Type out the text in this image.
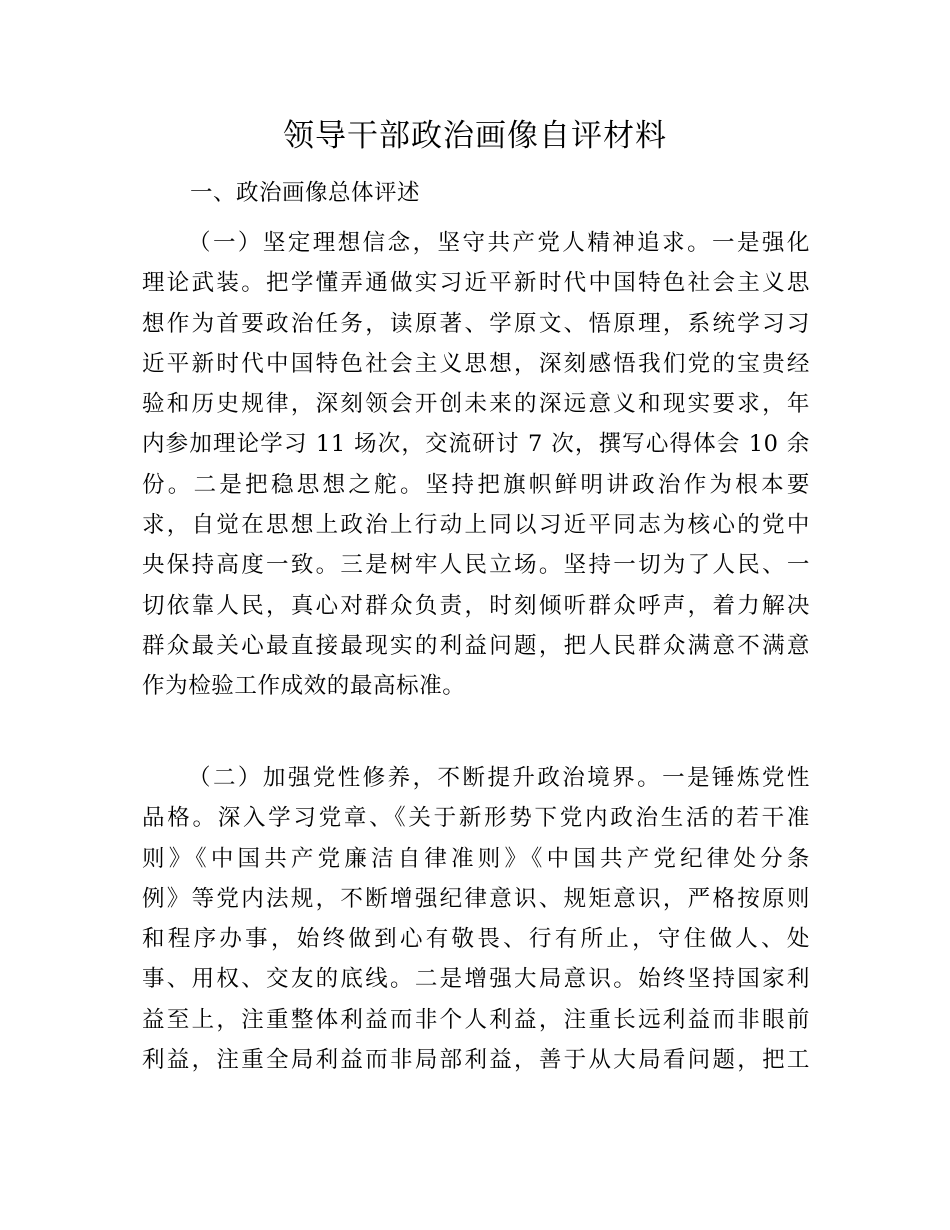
领导干部政治画像自评材料
一、政治画像总体评述
（一）坚定理想信念，坚守共产党人精神追求。一是强化
理论武装。把学懂弄通做实习近平新时代中国特色社会主义思
想作为首要政治任务，读原著、学原文、悟原理，系统学习习
近平新时代中国特色社会主义思想，深刻感悟我们党的宝贵经
验和历史规律，深刻领会开创未来的深远意义和现实要求，年
内参加理论学习 11 场次，交流研讨 7 次，撰写心得体会 10 余
份。二是把稳思想之舵。坚持把旗帜鲜明讲政治作为根本要
求，自觉在思想上政治上行动上同以习近平同志为核心的党中
央保持高度一致。三是树牢人民立场。坚持一切为了人民、一
切依靠人民，真心对群众负责，时刻倾听群众呼声，着力解决
群众最关心最直接最现实的利益问题，把人民群众满意不满意
作为检验工作成效的最高标准。
（二）加强党性修养，不断提升政治境界。一是锤炼党性
品格。深入学习党章、《关于新形势下党内政治生活的若干准
则》《中国共产党廉洁自律准则》《中国共产党纪律处分条
例》等党内法规，不断增强纪律意识、规矩意识，严格按原则
和程序办事，始终做到心有敬畏、行有所止，守住做人、处
事、用权、交友的底线。二是增强大局意识。始终坚持国家利
益至上，注重整体利益而非个人利益，注重长远利益而非眼前
利益，注重全局利益而非局部利益，善于从大局看问题，把工
